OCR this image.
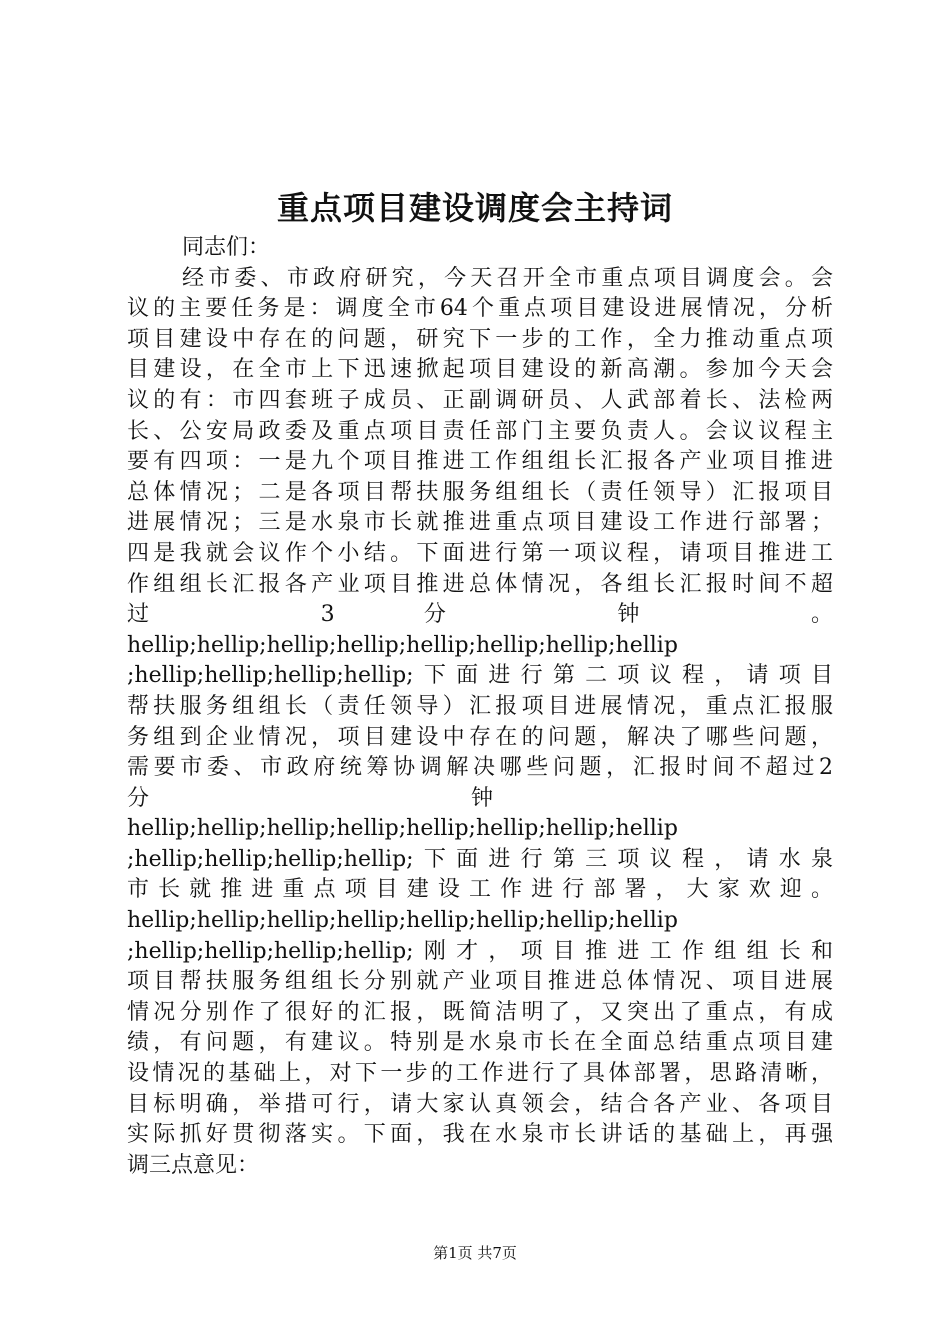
重点项目建设调度会主持词

同志们：

经市委、市政府研究，今天召开全市重点项目调度会。会
议的主要任务是：调度全市64个重点项目建设进展情况，分析
项目建设中存在的问题，研究下一步的工作，全力推动重点项
目建设，在全市上下迅速掀起项目建设的新高潮。参加今天会
议的有：市四套班子成员、正副调研员、人武部着长、法检两
长、公安局政委及重点项目责任部门主要负责人。会议议程主
要有四项：一是九个项目推进工作组组长汇报各产业项目推进
总体情况；二是各项目帮扶服务组组长（责任领导）汇报项目
进展情况；三是水泉市长就推进重点项目建设工作进行部署；
四是我就会议作个小结。下面进行第一项议程，请项目推进工
作组组长汇报各产业项目推进总体情况，各组长汇报时间不超
过 3 分 钟 。
hellip;hellip;hellip;hellip;hellip;hellip;hellip;hellip
;hellip;hellip;hellip;hellip;下面进行第二项议程，请项目
帮扶服务组组长（责任领导）汇报项目进展情况，重点汇报服
务组到企业情况，项目建设中存在的问题，解决了哪些问题，
需要市委、市政府统筹协调解决哪些问题，汇报时间不超过2
分 钟
hellip;hellip;hellip;hellip;hellip;hellip;hellip;hellip
;hellip;hellip;hellip;hellip;下面进行第三项议程，请水泉
市长就推进重点项目建设工作进行部署，大家欢迎。
hellip;hellip;hellip;hellip;hellip;hellip;hellip;hellip
;hellip;hellip;hellip;hellip;刚才，项目推进工作组组长和
项目帮扶服务组组长分别就产业项目推进总体情况、项目进展
情况分别作了很好的汇报，既简洁明了，又突出了重点，有成
绩，有问题，有建议。特别是水泉市长在全面总结重点项目建
设情况的基础上，对下一步的工作进行了具体部署，思路清晰，
目标明确，举措可行，请大家认真领会，结合各产业、各项目
实际抓好贯彻落实。下面，我在水泉市长讲话的基础上，再强
调三点意见：
第1页 共7页
